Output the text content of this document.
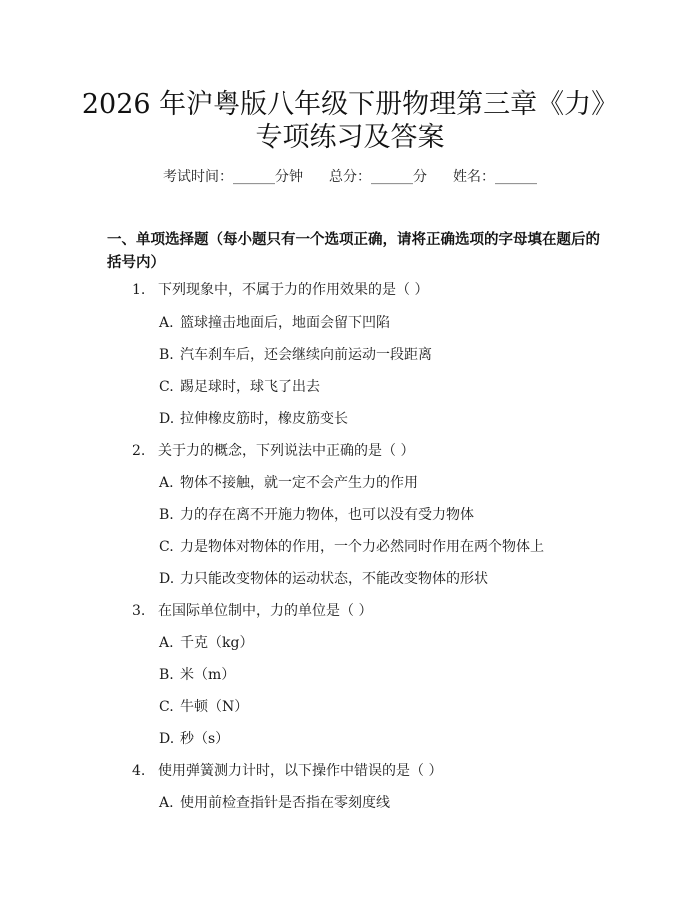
2026 年沪粤版八年级下册物理第三章《力》
专项练习及答案
考试时间：______分钟 总分：______分 姓名：______
一、单项选择题（每小题只有一个选项正确，请将正确选项的字母填在题后的括号内）
1. 下列现象中，不属于力的作用效果的是（ ）
A. 篮球撞击地面后，地面会留下凹陷
B. 汽车刹车后，还会继续向前运动一段距离
C. 踢足球时，球飞了出去
D. 拉伸橡皮筋时，橡皮筋变长
2. 关于力的概念，下列说法中正确的是（ ）
A. 物体不接触，就一定不会产生力的作用
B. 力的存在离不开施力物体，也可以没有受力物体
C. 力是物体对物体的作用，一个力必然同时作用在两个物体上
D. 力只能改变物体的运动状态，不能改变物体的形状
3. 在国际单位制中，力的单位是（ ）
A. 千克（kg）
B. 米（m）
C. 牛顿（N）
D. 秒（s）
4. 使用弹簧测力计时，以下操作中错误的是（ ）
A. 使用前检查指针是否指在零刻度线
